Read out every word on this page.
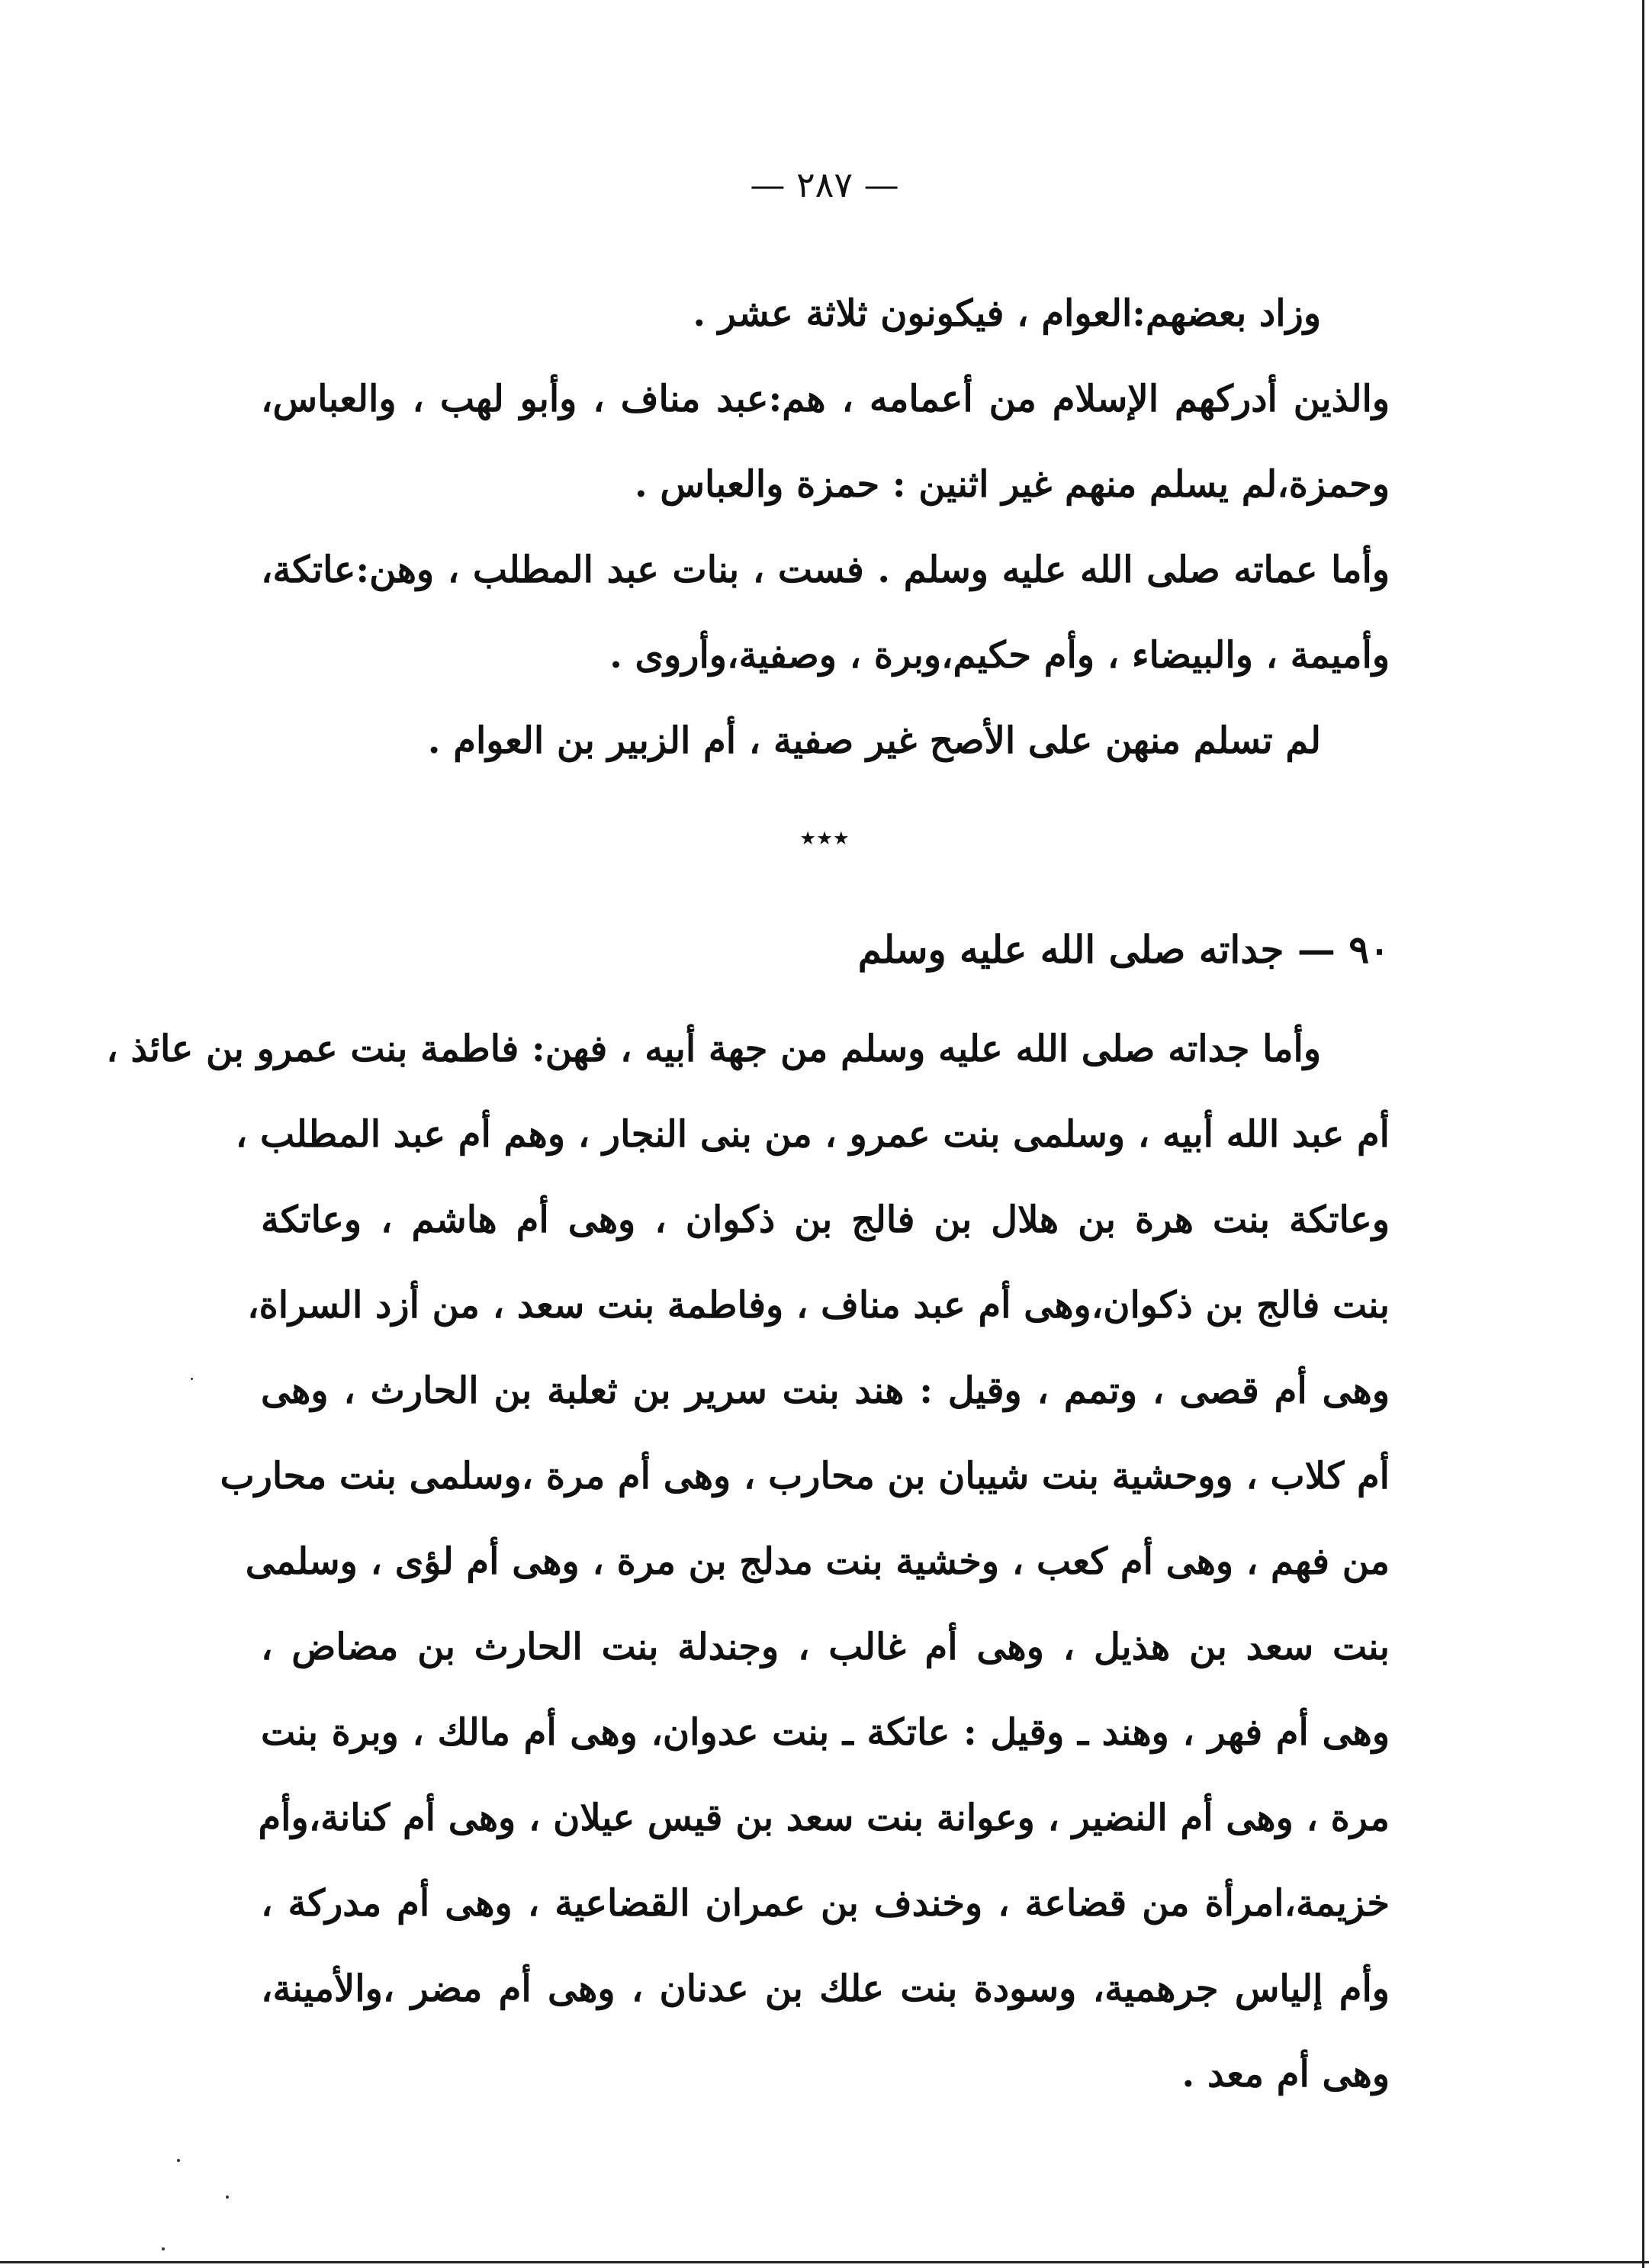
— ٢٨٧ —
وزاد بعضهم:العوام ، فيكونون ثلاثة عشر .
والذين أدركهم الإسلام من أعمامه ، هم:عبد مناف ، وأبو لهب ، والعباس،
وحمزة،لم يسلم منهم غير اثنين : حمزة والعباس .
وأما عماته صلى الله عليه وسلم . فست ، بنات عبد المطلب ، وهن:عاتكة،
وأميمة ، والبيضاء ، وأم حكيم،وبرة ، وصفية،وأروى .
لم تسلم منهن على الأصح غير صفية ، أم الزبير بن العوام .
٭٭٭
٩٠ — جداته صلى الله عليه وسلم
وأما جداته صلى الله عليه وسلم من جهة أبيه ، فهن: فاطمة بنت عمرو بن عائذ ،
أم عبد الله أبيه ، وسلمى بنت عمرو ، من بنى النجار ، وهم أم عبد المطلب ،
وعاتكة بنت هرة بن هلال بن فالج بن ذكوان ، وهى أم هاشم ، وعاتكة
بنت فالج بن ذكوان،وهى أم عبد مناف ، وفاطمة بنت سعد ، من أزد السراة،
وهى أم قصى ، وتمم ، وقيل : هند بنت سرير بن ثعلبة بن الحارث ، وهى
أم كلاب ، ووحشية بنت شيبان بن محارب ، وهى أم مرة ،وسلمى بنت محارب
من فهم ، وهى أم كعب ، وخشية بنت مدلج بن مرة ، وهى أم لؤى ، وسلمى
بنت سعد بن هذيل ، وهى أم غالب ، وجندلة بنت الحارث بن مضاض ،
وهى أم فهر ، وهند ـ وقيل : عاتكة ـ بنت عدوان، وهى أم مالك ، وبرة بنت
مرة ، وهى أم النضير ، وعوانة بنت سعد بن قيس عيلان ، وهى أم كنانة،وأم
خزيمة،امرأة من قضاعة ، وخندف بن عمران القضاعية ، وهى أم مدركة ،
وأم إلياس جرهمية، وسودة بنت علك بن عدنان ، وهى أم مضر ،والأمينة،
وهى أم معد .
